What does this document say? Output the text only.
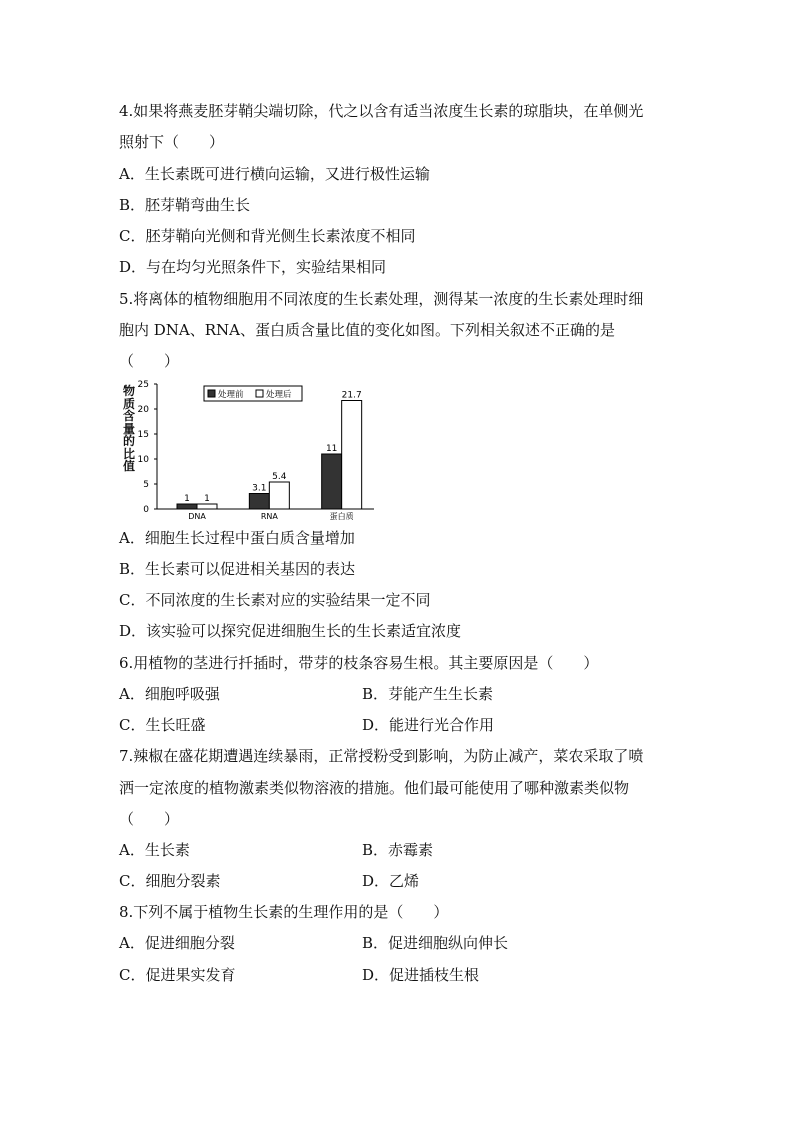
4.如果将燕麦胚芽鞘尖端切除，代之以含有适当浓度生长素的琼脂块，在单侧光
照射下（　　）
A．生长素既可进行横向运输，又进行极性运输
B．胚芽鞘弯曲生长
C．胚芽鞘向光侧和背光侧生长素浓度不相同
D．与在均匀光照条件下，实验结果相同
5.将离体的植物细胞用不同浓度的生长素处理，测得某一浓度的生长素处理时细
胞内 DNA、RNA、蛋白质含量比值的变化如图。下列相关叙述不正确的是
（　　）
物质含量的比值
0
5
10
15
20
25
1 1
DNA
3.1
5.4
RNA
11
21.7
蛋白质
处理前	处理后
A．细胞生长过程中蛋白质含量增加
B．生长素可以促进相关基因的表达
C．不同浓度的生长素对应的实验结果一定不同
D．该实验可以探究促进细胞生长的生长素适宜浓度
6.用植物的茎进行扦插时，带芽的枝条容易生根。其主要原因是（　　）
A．细胞呼吸强	B．芽能产生生长素
C．生长旺盛	D．能进行光合作用
7.辣椒在盛花期遭遇连续暴雨，正常授粉受到影响，为防止减产，菜农采取了喷
洒一定浓度的植物激素类似物溶液的措施。他们最可能使用了哪种激素类似物
（　　）
A．生长素	B．赤霉素
C．细胞分裂素	D．乙烯
8.下列不属于植物生长素的生理作用的是（　　）
A．促进细胞分裂	B．促进细胞纵向伸长
C．促进果实发育	D．促进插枝生根
